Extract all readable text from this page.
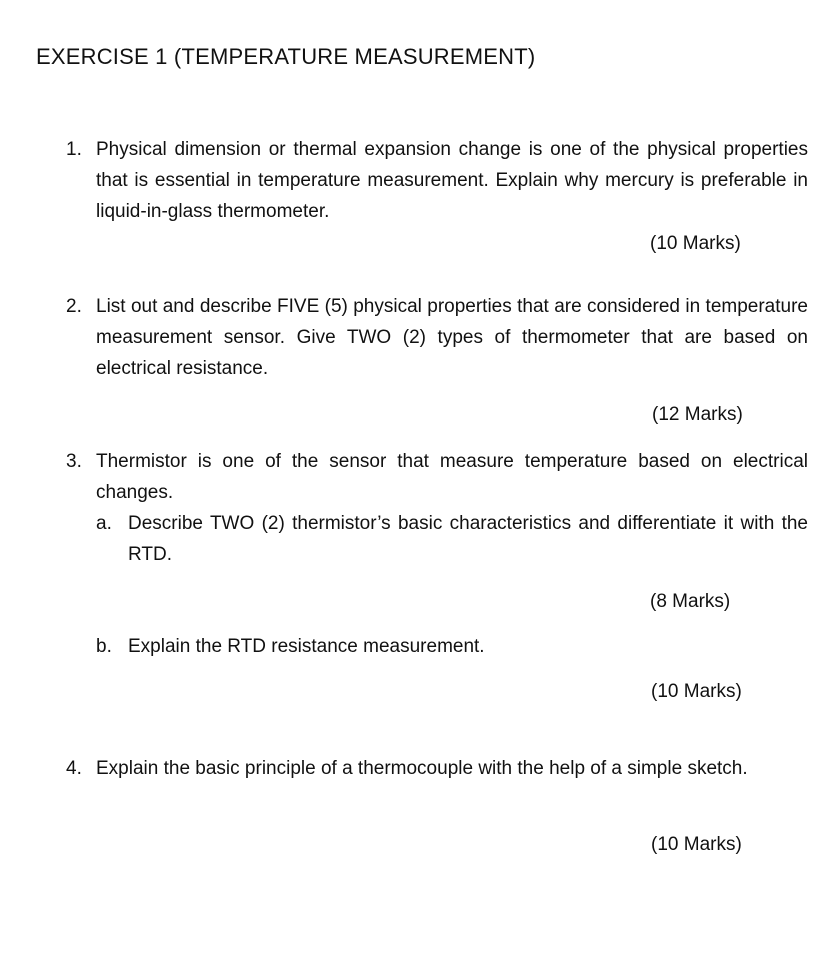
EXERCISE 1 (TEMPERATURE MEASUREMENT)
1. Physical dimension or thermal expansion change is one of the physical properties that is essential in temperature measurement. Explain why mercury is preferable in liquid-in-glass thermometer.
(10 Marks)
2. List out and describe FIVE (5) physical properties that are considered in temperature measurement sensor. Give TWO (2) types of thermometer that are based on electrical resistance.
(12 Marks)
3. Thermistor is one of the sensor that measure temperature based on electrical changes.
a. Describe TWO (2) thermistor’s basic characteristics and differentiate it with the RTD.
(8 Marks)
b. Explain the RTD resistance measurement.
(10 Marks)
4. Explain the basic principle of a thermocouple with the help of a simple sketch.
(10 Marks)
